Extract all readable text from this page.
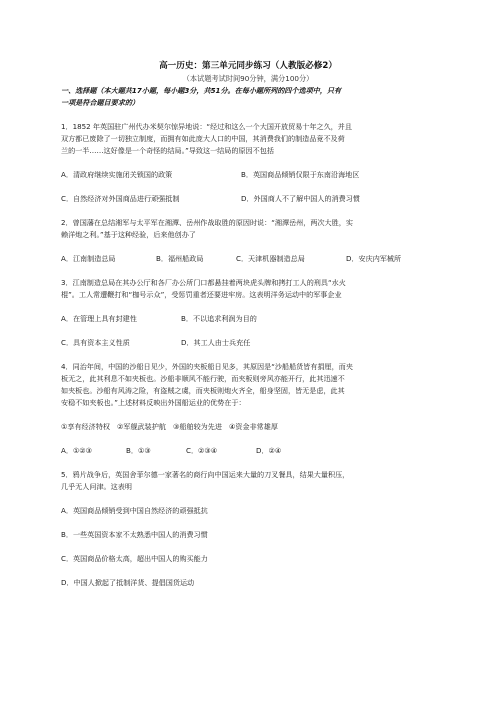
高一历史：第三单元同步练习（人教版必修2）
（本试题考试时间90分钟，满分100分）
一、选择题（本大题共17小题，每小题3分，共51分。在每小题所列的四个选项中，只有
一项是符合题目要求的）
1．1852 年英国驻广州代办米契尔惊异地说：“经过和这么一个大国开放贸易十年之久，并且
双方都已废除了一切独立制度，而拥有如此庞大人口的中国，其消费我们的制造品竟不及荷
兰的一半……这好像是一个奇怪的结局。”导致这一结局的原因不包括
A．清政府继续实施闭关锁国的政策	B．英国商品倾销仅限于东南沿海地区
C．自然经济对外国商品进行顽强抵制	D．外国商人不了解中国人的消费习惯
2．曾国藩在总结湘军与太平军在湘潭、岳州作战取胜的原因时说：“湘潭岳州，两次大胜，实
赖洋炮之利。”基于这种经验，后来他创办了
A．江南制造总局	B．福州船政局	C．天津机器制造总局	D．安庆内军械所
3．江南制造总局在其办公厅和各厂办公所门口都悬挂着两块虎头牌和拷打工人的刑具“水火
棍”。工人常遭鞭打和“枷号示众”，受惩罚重者还要进牢房。这表明洋务运动中的军事企业
A．在管理上具有封建性	B．不以追求利润为目的
C．具有资本主义性质	D．其工人由士兵充任
4．同治年间，中国的沙船日见少，外国的夹板船日见多，其原因是“沙船船货皆有捐厘，而夹
板无之，此其利息不如夹板也。沙船非顺风不能行驶，而夹板则旁风亦能开行，此其迅速不
如夹板也。沙船有风涛之险，有盗贼之虞，而夹板则炮火齐全，船身坚固，皆无是虑，此其
安稳不如夹板也。”上述材料反映出外国船运业的优势在于：
①享有经济特权　②军舰武装护航　③船舶较为先进　④资金非常雄厚
A．①②③	B．①③	C．②③④	D．②④
5．鸦片战争后，英国舍菲尔德一家著名的商行向中国运来大量的刀叉餐具，结果大量积压，
几乎无人问津。这表明
A．英国商品倾销受到中国自然经济的顽强抵抗
B．一些英国资本家不太熟悉中国人的消费习惯
C．英国商品价格太高，超出中国人的购买能力
D．中国人掀起了抵制洋货、提倡国货运动
